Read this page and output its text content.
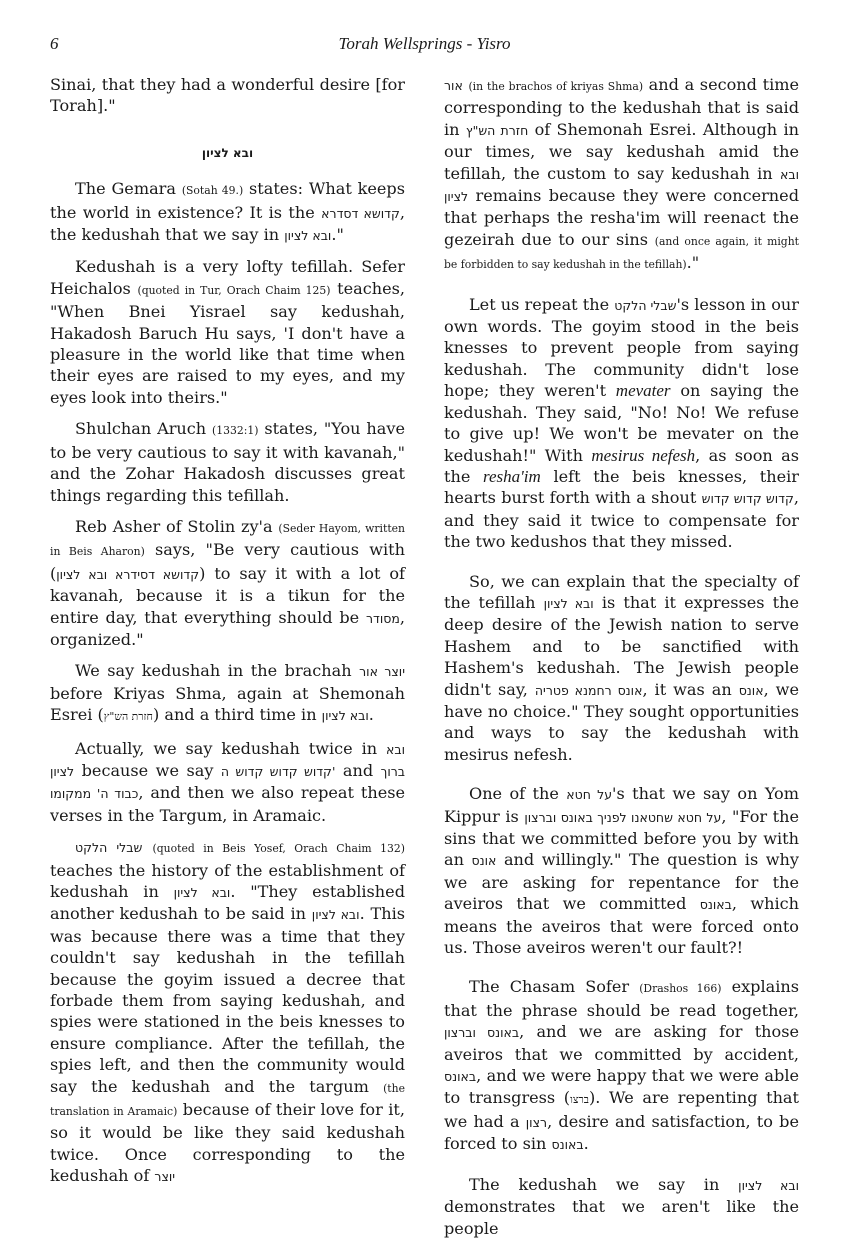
6	Torah Wellsprings - Yisro

Sinai, that they had a wonderful desire [for Torah]."

ובא לציון

The Gemara (Sotah 49.) states: What keeps the world in existence? It is the קדושא דסדרא, the kedushah that we say in ובא לציון."

Kedushah is a very lofty tefillah. Sefer Heichalos (quoted in Tur, Orach Chaim 125) teaches, "When Bnei Yisrael say kedushah, Hakadosh Baruch Hu says, 'I don't have a pleasure in the world like that time when their eyes are raised to my eyes, and my eyes look into theirs."

Shulchan Aruch (1332:1) states, "You have to be very cautious to say it with kavanah," and the Zohar Hakadosh discusses great things regarding this tefillah.

Reb Asher of Stolin zy'a (Seder Hayom, written in Beis Aharon) says, "Be very cautious with (קדושא דסידרא ובא לציון) to say it with a lot of kavanah, because it is a tikun for the entire day, that everything should be מסודר, organized."

We say kedushah in the brachah יוצר אור before Kriyas Shma, again at Shemonah Esrei (חזרת הש"ץ) and a third time in ובא לציון.

Actually, we say kedushah twice in ובא לציון because we say קדוש קדוש קדוש ה' and ברוך כבוד ה' ממקומו, and then we also repeat these verses in the Targum, in Aramaic.

שבלי הלקט (quoted in Beis Yosef, Orach Chaim 132) teaches the history of the establishment of kedushah in ובא לציון. "They established another kedushah to be said in ובא לציון. This was because there was a time that they couldn't say kedushah in the tefillah because the goyim issued a decree that forbade them from saying kedushah, and spies were stationed in the beis knesses to ensure compliance. After the tefillah, the spies left, and then the community would say the kedushah and the targum (the translation in Aramaic) because of their love for it, so it would be like they said kedushah twice. Once corresponding to the kedushah of יוצר

אור (in the brachos of kriyas Shma) and a second time corresponding to the kedushah that is said in חזרת הש"ץ of Shemonah Esrei. Although in our times, we say kedushah amid the tefillah, the custom to say kedushah in ובא לציון remains because they were concerned that perhaps the resha'im will reenact the gezeirah due to our sins (and once again, it might be forbidden to say kedushah in the tefillah)."

Let us repeat the שבלי הלקט's lesson in our own words. The goyim stood in the beis knesses to prevent people from saying kedushah. The community didn't lose hope; they weren't mevater on saying the kedushah. They said, "No! No! We refuse to give up! We won't be mevater on the kedushah!" With mesirus nefesh, as soon as the resha'im left the beis knesses, their hearts burst forth with a shout קדוש קדוש קדוש, and they said it twice to compensate for the two kedushos that they missed.

So, we can explain that the specialty of the tefillah ובא לציון is that it expresses the deep desire of the Jewish nation to serve Hashem and to be sanctified with Hashem's kedushah. The Jewish people didn't say, אונס רחמנא פטריה, it was an אונס, we have no choice." They sought opportunities and ways to say the kedushah with mesirus nefesh.

One of the על חטא's that we say on Yom Kippur is על חטא שחטאנו לפניך באונס וברצון, "For the sins that we committed before you by with an אונס and willingly." The question is why we are asking for repentance for the aveiros that we committed באונס, which means the aveiros that were forced onto us. Those aveiros weren't our fault?!

The Chasam Sofer (Drashos 166) explains that the phrase should be read together, באונס וברצון, and we are asking for those aveiros that we committed by accident, באונס, and we were happy that we were able to transgress (ברצו). We are repenting that we had a רצון, desire and satisfaction, to be forced to sin באונס.

The kedushah we say in ובא לציון demonstrates that we aren't like the people
